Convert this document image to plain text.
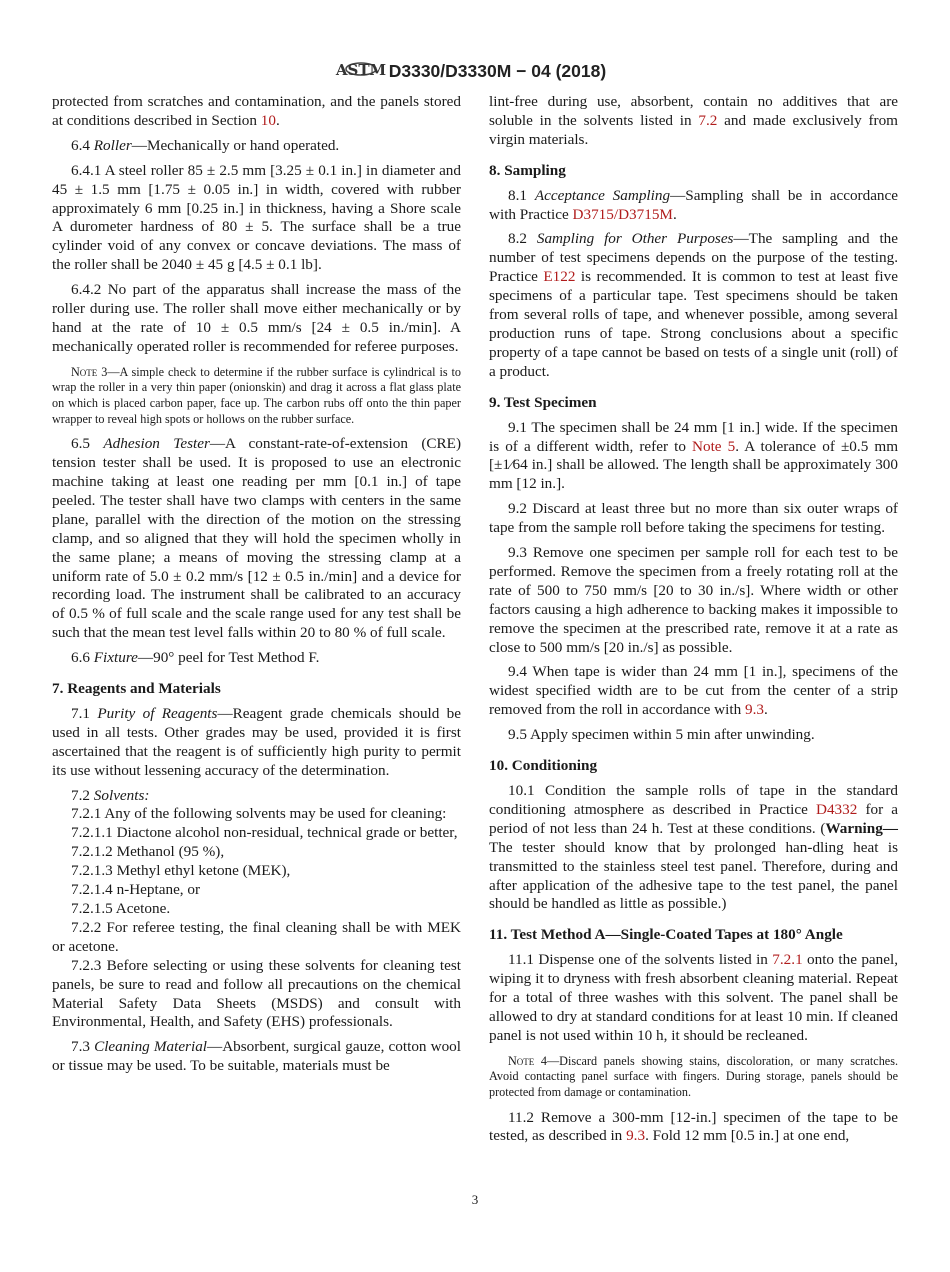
ASTM D3330/D3330M − 04 (2018)

protected from scratches and contamination, and the panels stored at conditions described in Section 10.

6.4 Roller—Mechanically or hand operated.

6.4.1 A steel roller 85 ± 2.5 mm [3.25 ± 0.1 in.] in diameter and 45 ± 1.5 mm [1.75 ± 0.05 in.] in width, covered with rubber approximately 6 mm [0.25 in.] in thickness, having a Shore scale A durometer hardness of 80 ± 5. The surface shall be a true cylinder void of any convex or concave deviations. The mass of the roller shall be 2040 ± 45 g [4.5 ± 0.1 lb].

6.4.2 No part of the apparatus shall increase the mass of the roller during use. The roller shall move either mechanically or by hand at the rate of 10 ± 0.5 mm/s [24 ± 0.5 in./min]. A mechanically operated roller is recommended for referee purposes.

Note 3—A simple check to determine if the rubber surface is cylindrical is to wrap the roller in a very thin paper (onionskin) and drag it across a flat glass plate on which is placed carbon paper, face up. The carbon rubs off onto the thin paper wrapper to reveal high spots or hollows on the rubber surface.

6.5 Adhesion Tester—A constant-rate-of-extension (CRE) tension tester shall be used. It is proposed to use an electronic machine taking at least one reading per mm [0.1 in.] of tape peeled. The tester shall have two clamps with centers in the same plane, parallel with the direction of the motion on the stressing clamp, and so aligned that they will hold the specimen wholly in the same plane; a means of moving the stressing clamp at a uniform rate of 5.0 ± 0.2 mm/s [12 ± 0.5 in./min] and a device for recording load. The instrument shall be calibrated to an accuracy of 0.5 % of full scale and the scale range used for any test shall be such that the mean test level falls within 20 to 80 % of full scale.

6.6 Fixture—90° peel for Test Method F.

7. Reagents and Materials

7.1 Purity of Reagents—Reagent grade chemicals should be used in all tests. Other grades may be used, provided it is first ascertained that the reagent is of sufficiently high purity to permit its use without lessening accuracy of the determination.

7.2 Solvents:

7.2.1 Any of the following solvents may be used for cleaning:

7.2.1.1 Diactone alcohol non-residual, technical grade or better,

7.2.1.2 Methanol (95 %),

7.2.1.3 Methyl ethyl ketone (MEK),

7.2.1.4 n-Heptane, or

7.2.1.5 Acetone.

7.2.2 For referee testing, the final cleaning shall be with MEK or acetone.

7.2.3 Before selecting or using these solvents for cleaning test panels, be sure to read and follow all precautions on the chemical Material Safety Data Sheets (MSDS) and consult with Environmental, Health, and Safety (EHS) professionals.

7.3 Cleaning Material—Absorbent, surgical gauze, cotton wool or tissue may be used. To be suitable, materials must be

lint-free during use, absorbent, contain no additives that are soluble in the solvents listed in 7.2 and made exclusively from virgin materials.

8. Sampling

8.1 Acceptance Sampling—Sampling shall be in accordance with Practice D3715/D3715M.

8.2 Sampling for Other Purposes—The sampling and the number of test specimens depends on the purpose of the testing. Practice E122 is recommended. It is common to test at least five specimens of a particular tape. Test specimens should be taken from several rolls of tape, and whenever possible, among several production runs of tape. Strong conclusions about a specific property of a tape cannot be based on tests of a single unit (roll) of a product.

9. Test Specimen

9.1 The specimen shall be 24 mm [1 in.] wide. If the specimen is of a different width, refer to Note 5. A tolerance of ±0.5 mm [±1⁄64 in.] shall be allowed. The length shall be approximately 300 mm [12 in.].

9.2 Discard at least three but no more than six outer wraps of tape from the sample roll before taking the specimens for testing.

9.3 Remove one specimen per sample roll for each test to be performed. Remove the specimen from a freely rotating roll at the rate of 500 to 750 mm/s [20 to 30 in./s]. Where width or other factors causing a high adherence to backing makes it impossible to remove the specimen at the prescribed rate, remove it at a rate as close to 500 mm/s [20 in./s] as possible.

9.4 When tape is wider than 24 mm [1 in.], specimens of the widest specified width are to be cut from the center of a strip removed from the roll in accordance with 9.3.

9.5 Apply specimen within 5 min after unwinding.

10. Conditioning

10.1 Condition the sample rolls of tape in the standard conditioning atmosphere as described in Practice D4332 for a period of not less than 24 h. Test at these conditions. (Warning—The tester should know that by prolonged han-dling heat is transmitted to the stainless steel test panel. Therefore, during and after application of the adhesive tape to the test panel, the panel should be handled as little as possible.)

11. Test Method A—Single-Coated Tapes at 180° Angle

11.1 Dispense one of the solvents listed in 7.2.1 onto the panel, wiping it to dryness with fresh absorbent cleaning material. Repeat for a total of three washes with this solvent. The panel shall be allowed to dry at standard conditions for at least 10 min. If cleaned panel is not used within 10 h, it should be recleaned.

Note 4—Discard panels showing stains, discoloration, or many scratches. Avoid contacting panel surface with fingers. During storage, panels should be protected from damage or contamination.

11.2 Remove a 300-mm [12-in.] specimen of the tape to be tested, as described in 9.3. Fold 12 mm [0.5 in.] at one end,

3
